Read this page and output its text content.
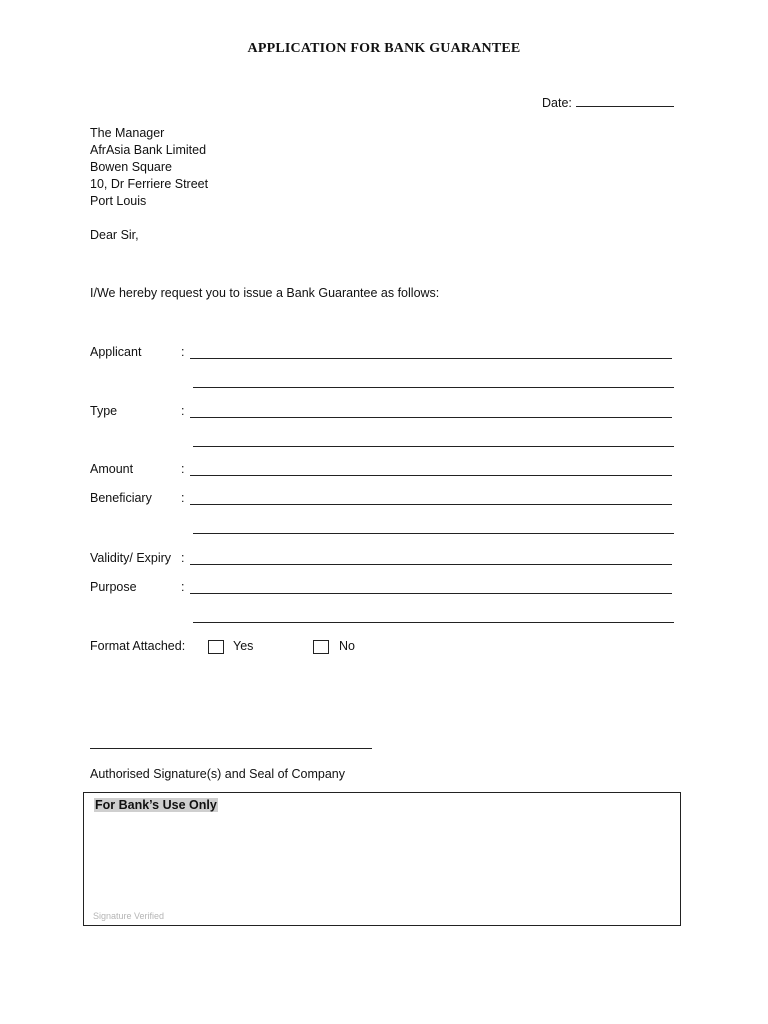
APPLICATION FOR BANK GUARANTEE
Date:
The Manager
AfrAsia Bank Limited
Bowen Square
10, Dr Ferriere Street
Port Louis
Dear Sir,
I/We hereby request you to issue a Bank Guarantee as follows:
Applicant	:
Type	:
Amount	:
Beneficiary :
Validity/ Expiry :
Purpose	:
Format Attached:	Yes	No
Authorised Signature(s) and Seal of Company
For Bank’s Use Only
Signature Verified
